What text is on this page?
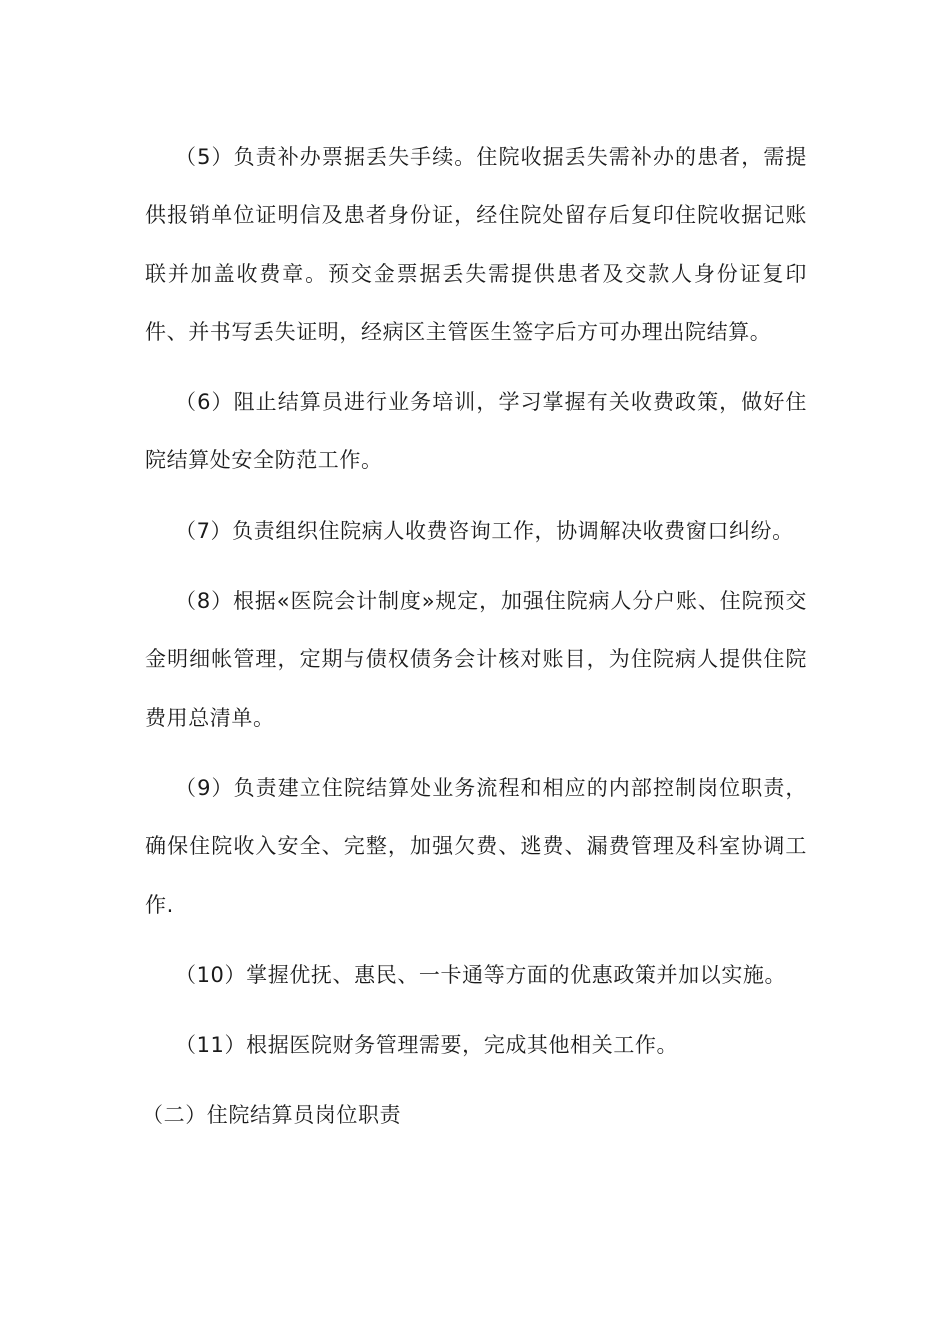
（5）负责补办票据丢失手续。住院收据丢失需补办的患者，需提供报销单位证明信及患者身份证，经住院处留存后复印住院收据记账联并加盖收费章。预交金票据丢失需提供患者及交款人身份证复印件、并书写丢失证明，经病区主管医生签字后方可办理出院结算。

（6）阻止结算员进行业务培训，学习掌握有关收费政策，做好住院结算处安全防范工作。

（7）负责组织住院病人收费咨询工作，协调解决收费窗口纠纷。

（8）根据«医院会计制度»规定，加强住院病人分户账、住院预交金明细帐管理，定期与债权债务会计核对账目，为住院病人提供住院费用总清单。

（9）负责建立住院结算处业务流程和相应的内部控制岗位职责，确保住院收入安全、完整，加强欠费、逃费、漏费管理及科室协调工作.

（10）掌握优抚、惠民、一卡通等方面的优惠政策并加以实施。

（11）根据医院财务管理需要，完成其他相关工作。

（二）住院结算员岗位职责
